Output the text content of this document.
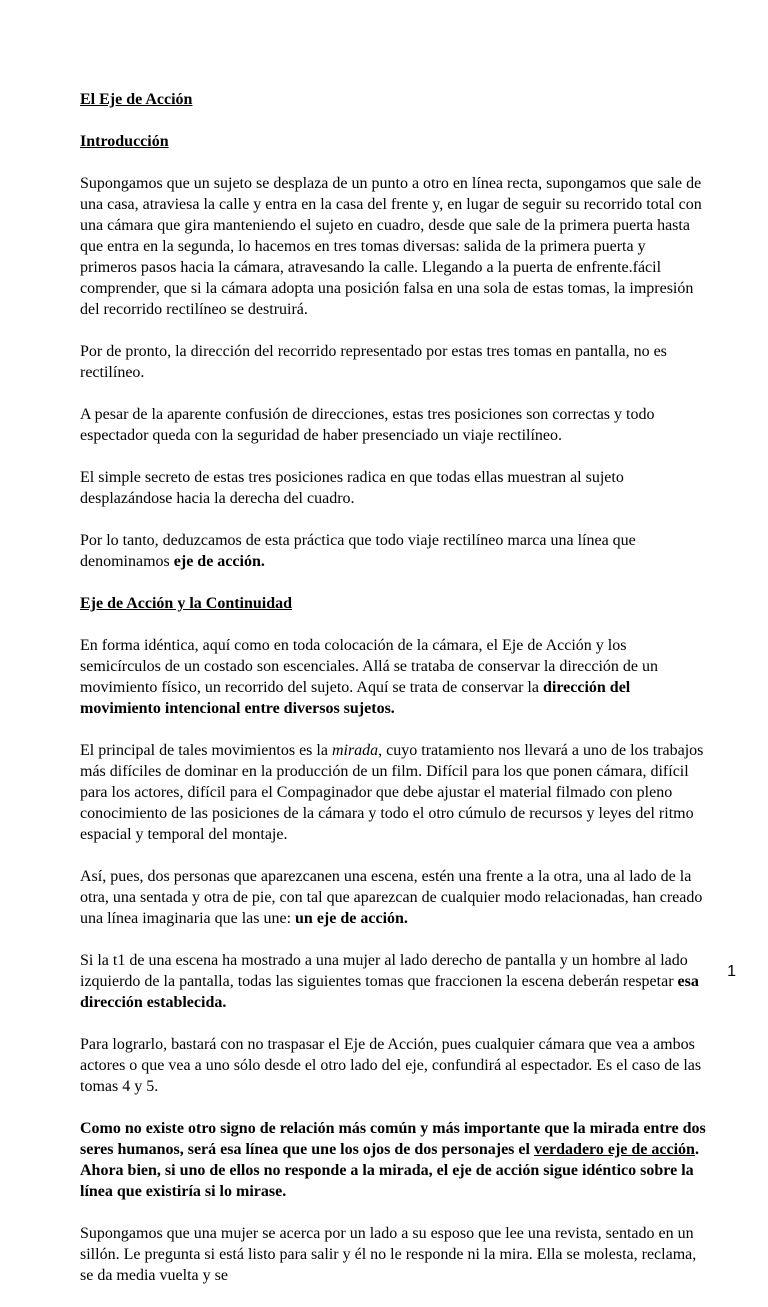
El Eje de Acción

Introducción

Supongamos que un sujeto se desplaza de un punto a otro en línea recta, supongamos que sale de una casa, atraviesa la calle y entra en la casa del frente y, en lugar de seguir su recorrido total con una cámara que gira manteniendo el sujeto en cuadro, desde que sale de la primera puerta hasta que entra en la segunda, lo hacemos en tres tomas diversas: salida de la primera puerta y primeros pasos hacia la cámara, atravesando la calle. Llegando a la puerta de enfrente.fácil comprender, que si la cámara adopta una posición falsa en una sola de estas tomas, la impresión del recorrido rectilíneo se destruirá.

Por de pronto, la dirección del recorrido representado por estas tres tomas en pantalla, no es rectilíneo.

A pesar de la aparente confusión de direcciones, estas tres posiciones son correctas y todo espectador queda con la seguridad de haber presenciado un viaje rectilíneo.

El simple secreto de estas tres posiciones radica en que todas ellas muestran al sujeto desplazándose hacia la derecha del cuadro.

Por lo tanto, deduzcamos de esta práctica que todo viaje rectilíneo marca una línea que denominamos eje de acción.

Eje de Acción y la Continuidad

En forma idéntica, aquí como en toda colocación de la cámara, el Eje de Acción y los semicírculos de un costado son escenciales. Allá se trataba de conservar la dirección de un movimiento físico, un recorrido del sujeto. Aquí se trata de conservar la dirección del movimiento intencional entre diversos sujetos.

El principal de tales movimientos es la mirada, cuyo tratamiento nos llevará a uno de los trabajos más difíciles de dominar en la producción de un film. Difícil para los que ponen cámara, difícil para los actores, difícil para el Compaginador que debe ajustar el material filmado con pleno conocimiento de las posiciones de la cámara y todo el otro cúmulo de recursos y leyes del ritmo espacial y temporal del montaje.

Así, pues, dos personas que aparezcanen una escena, estén una frente a la otra, una al lado de la otra, una sentada y otra de pie, con tal que aparezcan de cualquier modo relacionadas, han creado una línea imaginaria que las une: un eje de acción.

Si la t1 de una escena ha mostrado a una mujer al lado derecho de pantalla y un hombre al lado izquierdo de la pantalla, todas las siguientes tomas que fraccionen la escena deberán respetar esa dirección establecida.

Para lograrlo, bastará con no traspasar el Eje de Acción, pues cualquier cámara que vea a ambos actores o que vea a uno sólo desde el otro lado del eje, confundirá al espectador. Es el caso de las tomas 4 y 5.

Como no existe otro signo de relación más común y más importante que la mirada entre dos seres humanos, será esa línea que une los ojos de dos personajes el verdadero eje de acción. Ahora bien, si uno de ellos no responde a la mirada, el eje de acción sigue idéntico sobre la línea que existiría si lo mirase.

Supongamos que una mujer se acerca por un lado a su esposo que lee una revista, sentado en un sillón. Le pregunta si está listo para salir y él no le responde ni la mira. Ella se molesta, reclama, se da media vuelta y se

1
